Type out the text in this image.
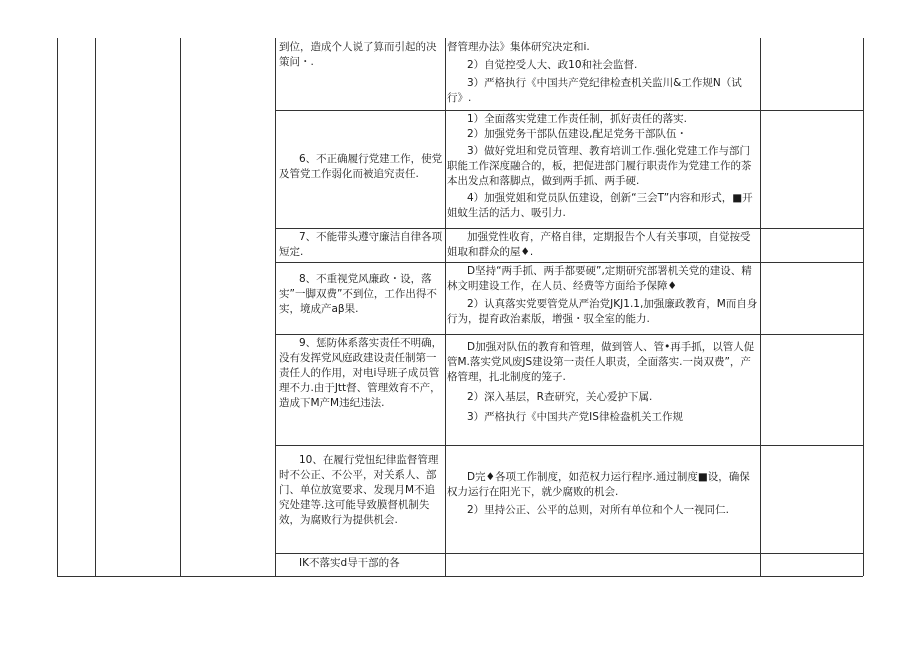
到位，造成个人说了算而引起的决策问・.

督管理办法》集体研究决定和i.

2）自觉控受人大、政10和社会监督.

3）严格执行《中国共产党纪律检查机关监川&工作规N（试行》.

6、不正确履行党建工作，使党及管党工作弱化而被追究责任.

1）全面落实党建工作责任制，抓好责任的落实.

2）加强党务干部队伍建设,配足党务干部队伍・

3）做好党坦和党员管理、教育培训工作.强化党建工作与部门职能工作深度融合的，板，把促进部门履行职责作为党建工作的茶本出发点和落脚点，做到两手抓、两手硬.

4）加强党姐和党员队伍建设，创新“三会T”内容和形式，■开姐蚊生活的活力、吸引力.

7、不能带头遵守廉洁自律各项短定.

加强党性收育，产格自律，定期报告个人有关事项，自觉按受姐取和群众的屋♦.

8、不重视党风廉政・设，落实”一脚双费”不到位，工作出得不实，境成产aβ果.

D坚持“两手抓、两手都要硬”,定期研究部署机关党的建设、精林文明建设工作，在人员、经费等方面给予保障♦

2）认真落实党要管党从严治党JKJ1.1,加强廉政教育，M而自身行为，提育政治素版，增强・驭全室的能力.

9、惩防体系落实责任不明确，没有发挥党风庭政建设责任制第一责任人的作用，对电i导班子成员管理不力.由于Jtt督、管理效育不产，造成下M产M违纪违法.

D加强对队伍的教育和管理，做到管人、管•再手抓，以管人促管M.落实党风废JS建设第一责任人职责，全面落实.一岗双费”，产格管理，扎北制度的笼子.

2）深入基层，R查研究，关心爱护下属.

3）严格执行《中国共产党IS律检盎机关工作规

10、在履行党忸纪律监督管理时不公正、不公平，对关系人、部门、单位放宽要求、发现月M不追究处建等.这可能导致膜督机制失效，为腐败行为提供机会.

D完♦各项工作制度，如范权力运行程序.通过制度■设，确保权力运行在阳光下，就少腐败的机会.

2）里持公正、公平的总则，对所有单位和个人一视同仁.

IK不落实d导干部的各
